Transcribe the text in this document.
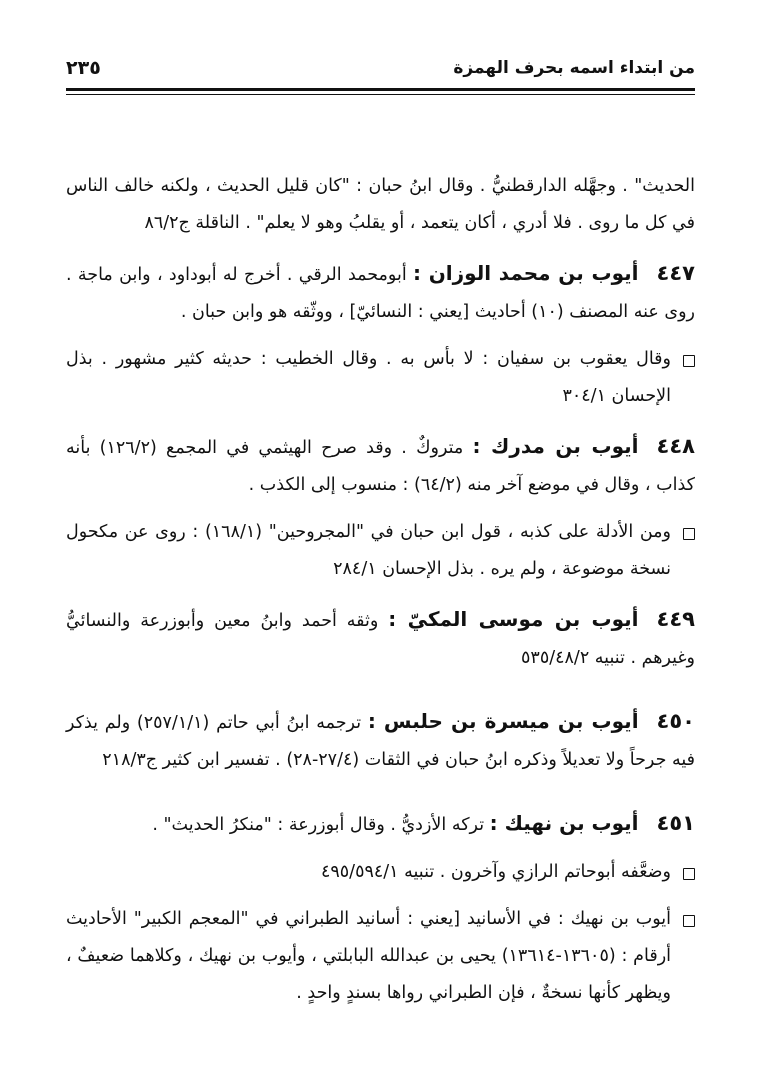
من ابتداء اسمه بحرف الهمزة
٢٣٥

الحديث" . وجهَّله الدارقطنيُّ . وقال ابنُ حبان : "كان قليل الحديث ، ولكنه خالف الناس في كل ما روى . فلا أدري ، أكان يتعمد ، أو يقلبُ وهو لا يعلم" . الناقلة ج٨٦/٢

٤٤٧أيوب بن محمد الوزان : أبومحمد الرقي . أخرج له أبوداود ، وابن ماجة . روى عنه المصنف (١٠) أحاديث [يعني : النسائيّ] ، ووثّقه هو وابن حبان .

وقال يعقوب بن سفيان : لا بأس به . وقال الخطيب : حديثه كثير مشهور . بذل الإحسان ٣٠٤/١

٤٤٨أيوب بن مدرك : متروكٌ . وقد صرح الهيثمي في المجمع (١٢٦/٢) بأنه كذاب ، وقال في موضع آخر منه (٦٤/٢) : منسوب إلى الكذب .

ومن الأدلة على كذبه ، قول ابن حبان في "المجروحين" (١٦٨/١) : روى عن مكحول نسخة موضوعة ، ولم يره . بذل الإحسان ٢٨٤/١

٤٤٩أيوب بن موسى المكيّ : وثقه أحمد وابنُ معين وأبوزرعة والنسائيُّ وغيرهم . تنبيه ٥٣٥/٤٨/٢

٤٥٠أيوب بن ميسرة بن حلبس : ترجمه ابنُ أبي حاتم (٢٥٧/١/١) ولم يذكر فيه جرحاً ولا تعديلاً وذكره ابنُ حبان في الثقات (٢٧/٤-٢٨) . تفسير ابن كثير ج٢١٨/٣

٤٥١أيوب بن نهيك : تركه الأزديُّ . وقال أبوزرعة : "منكرُ الحديث" .

وضعَّفه أبوحاتم الرازي وآخرون . تنبيه ٤٩٥/٥٩٤/١

أيوب بن نهيك : في الأسانيد [يعني : أسانيد الطبراني في "المعجم الكبير" الأحاديث أرقام : (١٣٦٠٥-١٣٦١٤) يحيى بن عبدالله البابلتي ، وأيوب بن نهيك ، وكلاهما ضعيفٌ ، ويظهر كأنها نسخةٌ ، فإن الطبراني رواها بسندٍ واحدٍ .
